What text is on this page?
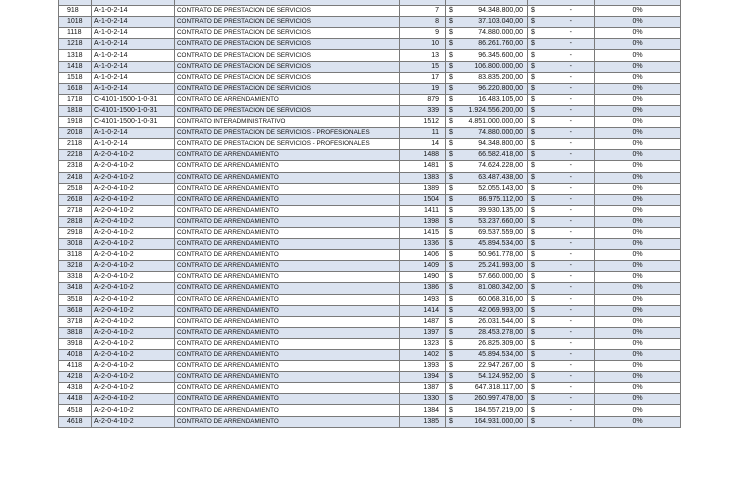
918	A-1-0-2-14	CONTRATO DE PRESTACION DE SERVICIOS	7	$	94.348.800,00	$	-	0%
1018	A-1-0-2-14	CONTRATO DE PRESTACION DE SERVICIOS	8	$	37.103.040,00	$	-	0%
1118	A-1-0-2-14	CONTRATO DE PRESTACION DE SERVICIOS	9	$	74.880.000,00	$	-	0%
1218	A-1-0-2-14	CONTRATO DE PRESTACION DE SERVICIOS	10	$	86.261.760,00	$	-	0%
1318	A-1-0-2-14	CONTRATO DE PRESTACION DE SERVICIOS	13	$	96.345.600,00	$	-	0%
1418	A-1-0-2-14	CONTRATO DE PRESTACION DE SERVICIOS	15	$	106.800.000,00	$	-	0%
1518	A-1-0-2-14	CONTRATO DE PRESTACION DE SERVICIOS	17	$	83.835.200,00	$	-	0%
1618	A-1-0-2-14	CONTRATO DE PRESTACION DE SERVICIOS	19	$	96.220.800,00	$	-	0%
1718	C-4101-1500-1-0-31	CONTRATO DE ARRENDAMIENTO	879	$	16.483.105,00	$	-	0%
1818	C-4101-1500-1-0-31	CONTRATO DE PRESTACION DE SERVICIOS	339	$	1.924.556.200,00	$	-	0%
1918	C-4101-1500-1-0-31	CONTRATO INTERADMINISTRATIVO	1512	$	4.851.000.000,00	$	-	0%
2018	A-1-0-2-14	CONTRATO DE PRESTACION DE SERVICIOS - PROFESIONALES	11	$	74.880.000,00	$	-	0%
2118	A-1-0-2-14	CONTRATO DE PRESTACION DE SERVICIOS - PROFESIONALES	14	$	94.348.800,00	$	-	0%
2218	A-2-0-4-10-2	CONTRATO DE ARRENDAMIENTO	1488	$	66.582.418,00	$	-	0%
2318	A-2-0-4-10-2	CONTRATO DE ARRENDAMIENTO	1481	$	74.624.228,00	$	-	0%
2418	A-2-0-4-10-2	CONTRATO DE ARRENDAMIENTO	1383	$	63.487.438,00	$	-	0%
2518	A-2-0-4-10-2	CONTRATO DE ARRENDAMIENTO	1389	$	52.055.143,00	$	-	0%
2618	A-2-0-4-10-2	CONTRATO DE ARRENDAMIENTO	1504	$	86.975.112,00	$	-	0%
2718	A-2-0-4-10-2	CONTRATO DE ARRENDAMIENTO	1411	$	39.930.135,00	$	-	0%
2818	A-2-0-4-10-2	CONTRATO DE ARRENDAMIENTO	1398	$	53.237.660,00	$	-	0%
2918	A-2-0-4-10-2	CONTRATO DE ARRENDAMIENTO	1415	$	69.537.559,00	$	-	0%
3018	A-2-0-4-10-2	CONTRATO DE ARRENDAMIENTO	1336	$	45.894.534,00	$	-	0%
3118	A-2-0-4-10-2	CONTRATO DE ARRENDAMIENTO	1406	$	50.961.778,00	$	-	0%
3218	A-2-0-4-10-2	CONTRATO DE ARRENDAMIENTO	1409	$	25.241.993,00	$	-	0%
3318	A-2-0-4-10-2	CONTRATO DE ARRENDAMIENTO	1490	$	57.660.000,00	$	-	0%
3418	A-2-0-4-10-2	CONTRATO DE ARRENDAMIENTO	1386	$	81.080.342,00	$	-	0%
3518	A-2-0-4-10-2	CONTRATO DE ARRENDAMIENTO	1493	$	60.068.316,00	$	-	0%
3618	A-2-0-4-10-2	CONTRATO DE ARRENDAMIENTO	1414	$	42.069.993,00	$	-	0%
3718	A-2-0-4-10-2	CONTRATO DE ARRENDAMIENTO	1487	$	26.031.544,00	$	-	0%
3818	A-2-0-4-10-2	CONTRATO DE ARRENDAMIENTO	1397	$	28.453.278,00	$	-	0%
3918	A-2-0-4-10-2	CONTRATO DE ARRENDAMIENTO	1323	$	26.825.309,00	$	-	0%
4018	A-2-0-4-10-2	CONTRATO DE ARRENDAMIENTO	1402	$	45.894.534,00	$	-	0%
4118	A-2-0-4-10-2	CONTRATO DE ARRENDAMIENTO	1393	$	22.947.267,00	$	-	0%
4218	A-2-0-4-10-2	CONTRATO DE ARRENDAMIENTO	1394	$	54.124.952,00	$	-	0%
4318	A-2-0-4-10-2	CONTRATO DE ARRENDAMIENTO	1387	$	647.318.117,00	$	-	0%
4418	A-2-0-4-10-2	CONTRATO DE ARRENDAMIENTO	1330	$	260.997.478,00	$	-	0%
4518	A-2-0-4-10-2	CONTRATO DE ARRENDAMIENTO	1384	$	184.557.219,00	$	-	0%
4618	A-2-0-4-10-2	CONTRATO DE ARRENDAMIENTO	1385	$	164.931.000,00	$	-	0%
